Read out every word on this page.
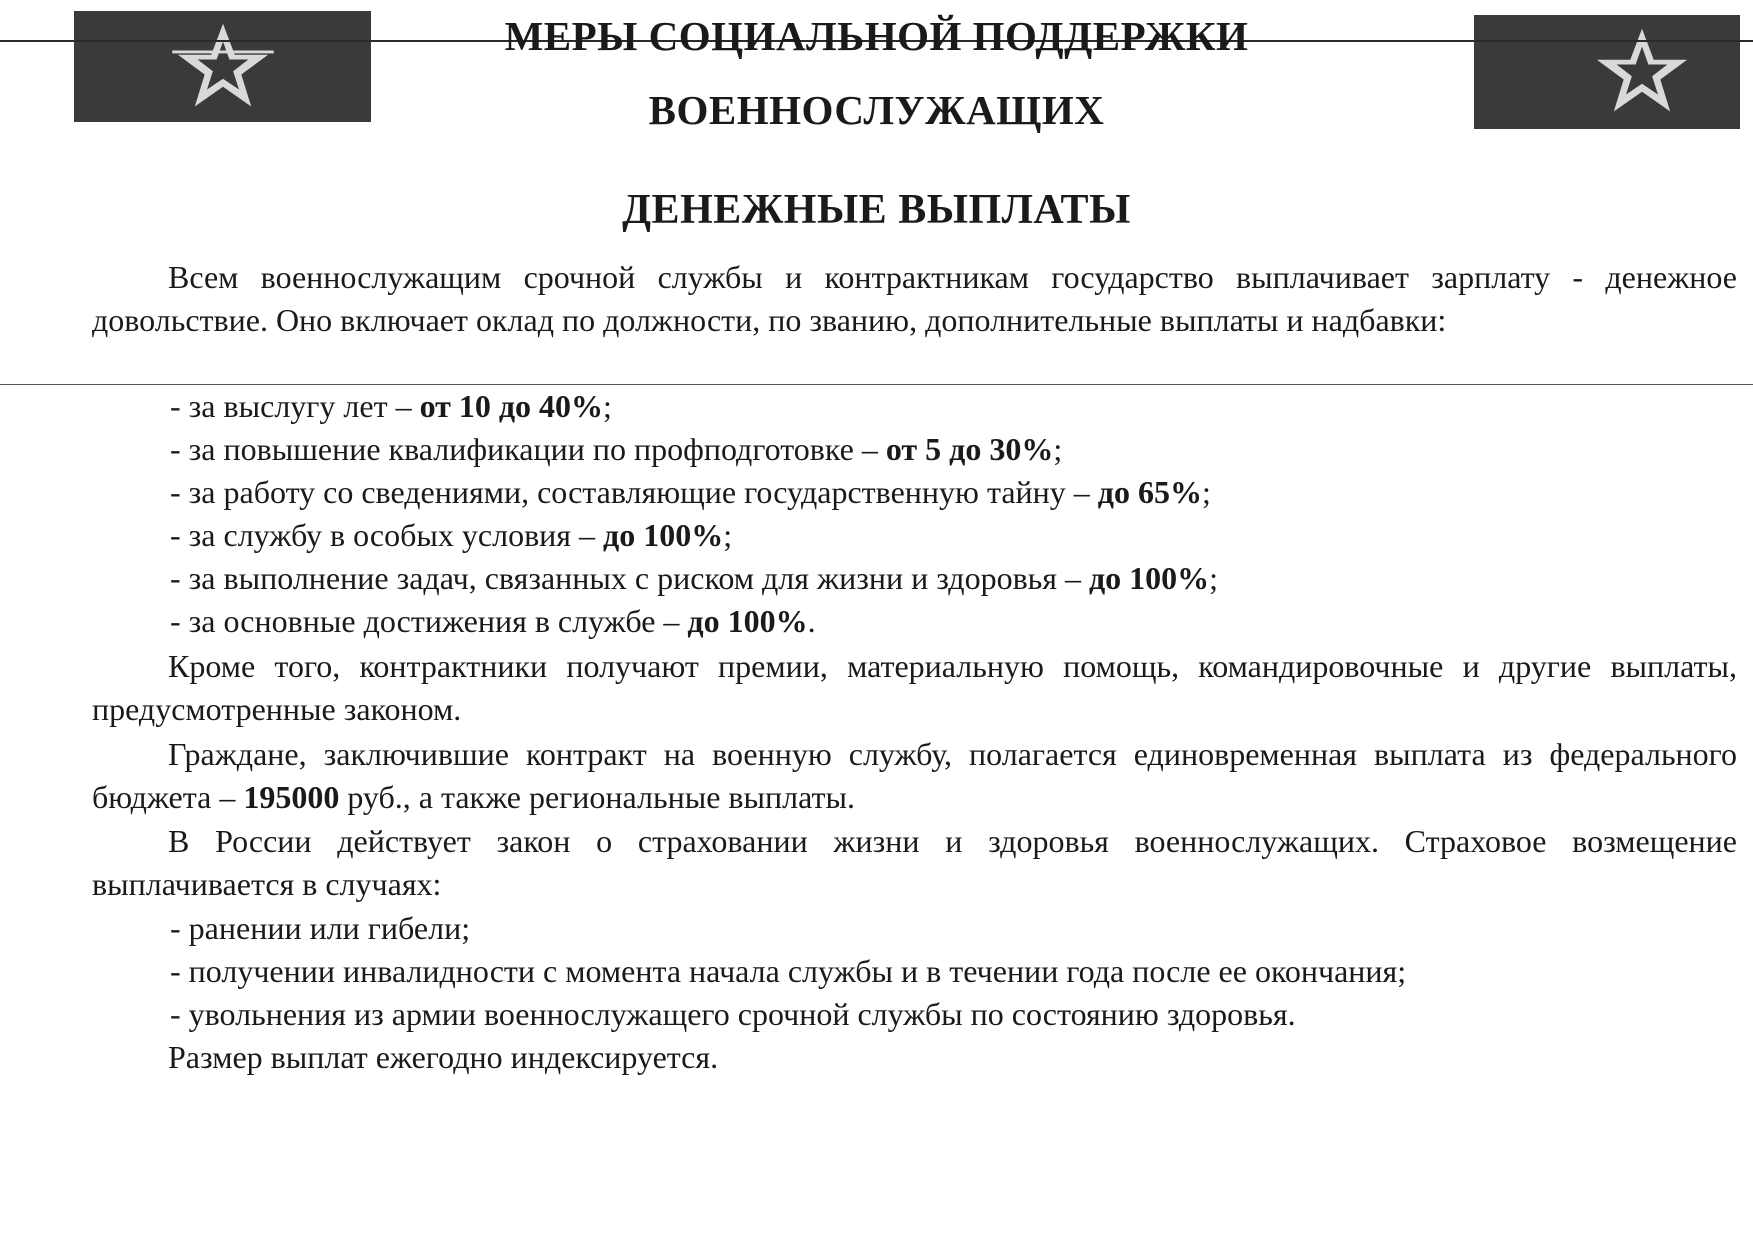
МЕРЫ СОЦИАЛЬНОЙ ПОДДЕРЖКИ
ВОЕННОСЛУЖАЩИХ
ДЕНЕЖНЫЕ ВЫПЛАТЫ
Всем военнослужащим срочной службы и контрактникам государство выплачивает зарплату - денежное довольствие. Оно включает оклад по должности, по званию, дополнительные выплаты и надбавки:
- за выслугу лет – от 10 до 40%;
- за повышение квалификации по профподготовке – от 5 до 30%;
- за работу со сведениями, составляющие государственную тайну – до 65%;
- за службу в особых условия – до 100%;
- за выполнение задач, связанных с риском для жизни и здоровья – до 100%;
- за основные достижения в службе – до 100%.
Кроме того, контрактники получают премии, материальную помощь, командировочные и другие выплаты, предусмотренные законом.
Граждане, заключившие контракт на военную службу, полагается единовременная выплата из федерального бюджета – 195000 руб., а также региональные выплаты.
В России действует закон о страховании жизни и здоровья военнослужащих. Страховое возмещение выплачивается в случаях:
- ранении или гибели;
- получении инвалидности с момента начала службы и в течении года после ее окончания;
- увольнения из армии военнослужащего срочной службы по состоянию здоровья.
Размер выплат ежегодно индексируется.
